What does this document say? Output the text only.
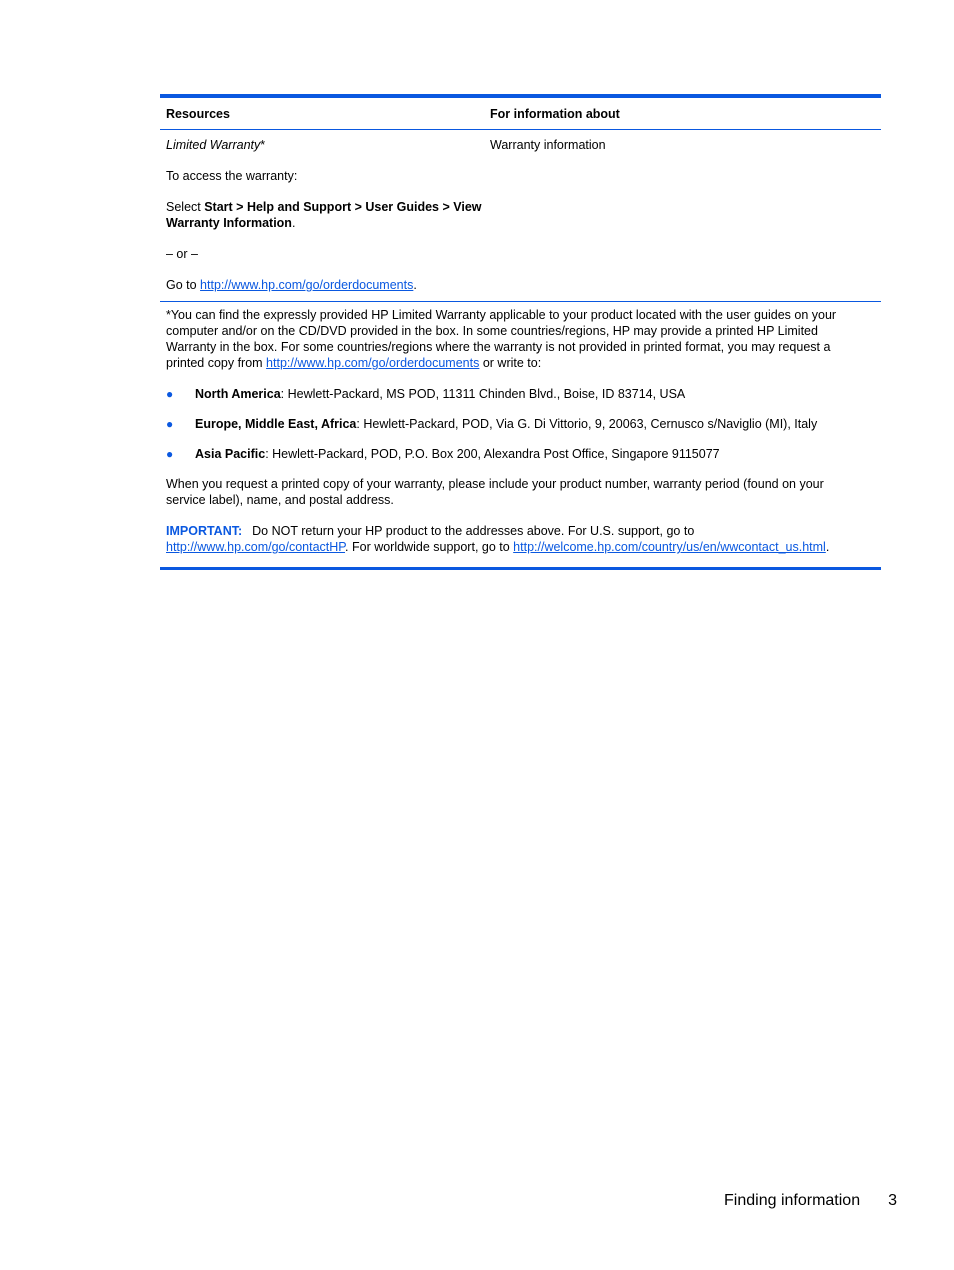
Resources	For information about

Limited Warranty*

To access the warranty:

Select Start > Help and Support > User Guides > View Warranty Information.

– or –

Go to http://www.hp.com/go/orderdocuments.

Warranty information

*You can find the expressly provided HP Limited Warranty applicable to your product located with the user guides on your computer and/or on the CD/DVD provided in the box. In some countries/regions, HP may provide a printed HP Limited Warranty in the box. For some countries/regions where the warranty is not provided in printed format, you may request a printed copy from http://www.hp.com/go/orderdocuments or write to:

● North America: Hewlett-Packard, MS POD, 11311 Chinden Blvd., Boise, ID 83714, USA
● Europe, Middle East, Africa: Hewlett-Packard, POD, Via G. Di Vittorio, 9, 20063, Cernusco s/Naviglio (MI), Italy
● Asia Pacific: Hewlett-Packard, POD, P.O. Box 200, Alexandra Post Office, Singapore 9115077

When you request a printed copy of your warranty, please include your product number, warranty period (found on your service label), name, and postal address.

IMPORTANT: Do NOT return your HP product to the addresses above. For U.S. support, go to http://www.hp.com/go/contactHP. For worldwide support, go to http://welcome.hp.com/country/us/en/wwcontact_us.html.

Finding information 3
